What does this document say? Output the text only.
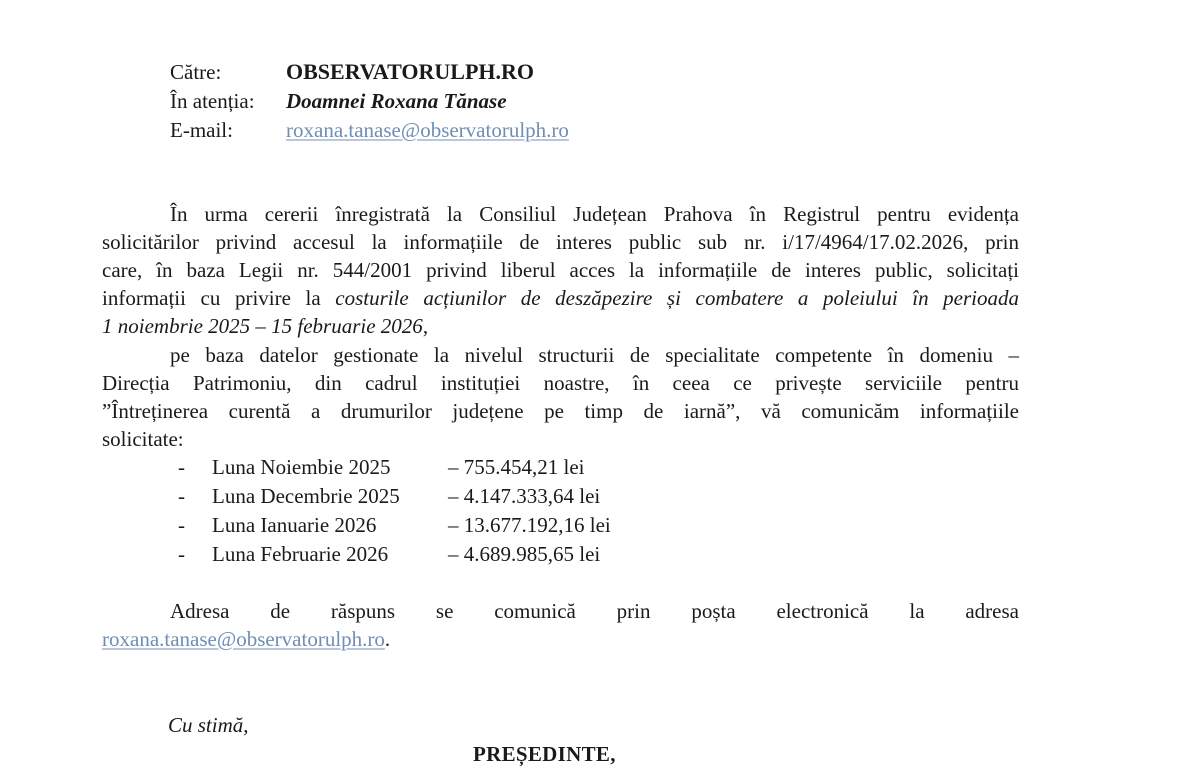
Către:	OBSERVATORULPH.RO
În atenția: Doamnei Roxana Tănase
E-mail:	roxana.tanase@observatorulph.ro
În urma cererii înregistrată la Consiliul Județean Prahova în Registrul pentru evidența
solicitărilor privind accesul la informațiile de interes public sub nr. i/17/4964/17.02.2026, prin
care, în baza Legii nr. 544/2001 privind liberul acces la informațiile de interes public, solicitați
informații cu privire la costurile acțiunilor de deszăpezire și combatere a poleiului în perioada
1 noiembrie 2025 – 15 februarie 2026,
pe baza datelor gestionate la nivelul structurii de specialitate competente în domeniu –
Direcția Patrimoniu, din cadrul instituției noastre, în ceea ce privește serviciile pentru
”Întreținerea curentă a drumurilor județene pe timp de iarnă”, vă comunicăm informațiile
solicitate:
- Luna Noiembie 2025	– 755.454,21 lei
- Luna Decembrie 2025 – 4.147.333,64 lei
- Luna Ianuarie 2026	– 13.677.192,16 lei
- Luna Februarie 2026	– 4.689.985,65 lei
Adresa de răspuns se comunică prin poșta electronică la adresa
roxana.tanase@observatorulph.ro.
Cu stimă,
PREȘEDINTE,
